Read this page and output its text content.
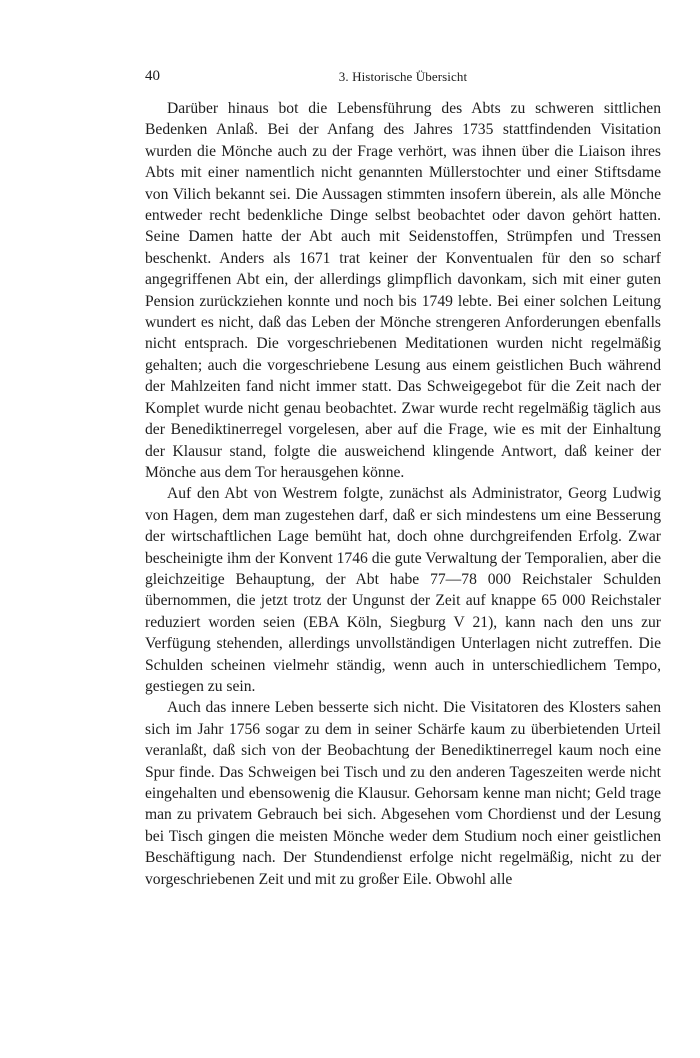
40	3. Historische Übersicht

Darüber hinaus bot die Lebensführung des Abts zu schweren sittlichen Bedenken Anlaß. Bei der Anfang des Jahres 1735 stattfindenden Visitation wurden die Mönche auch zu der Frage verhört, was ihnen über die Liaison ihres Abts mit einer namentlich nicht genannten Müllerstochter und einer Stiftsdame von Vilich bekannt sei. Die Aussagen stimmten insofern überein, als alle Mönche entweder recht bedenkliche Dinge selbst beobachtet oder davon gehört hatten. Seine Damen hatte der Abt auch mit Seidenstoffen, Strümpfen und Tressen beschenkt. Anders als 1671 trat keiner der Konventualen für den so scharf angegriffenen Abt ein, der allerdings glimpflich davonkam, sich mit einer guten Pension zurückziehen konnte und noch bis 1749 lebte. Bei einer solchen Leitung wundert es nicht, daß das Leben der Mönche strengeren Anforderungen ebenfalls nicht entsprach. Die vorgeschriebenen Meditationen wurden nicht regelmäßig gehalten; auch die vorgeschriebene Lesung aus einem geistlichen Buch während der Mahlzeiten fand nicht immer statt. Das Schweigegebot für die Zeit nach der Komplet wurde nicht genau beobachtet. Zwar wurde recht regelmäßig täglich aus der Benediktinerregel vorgelesen, aber auf die Frage, wie es mit der Einhaltung der Klausur stand, folgte die ausweichend klingende Antwort, daß keiner der Mönche aus dem Tor herausgehen könne.

Auf den Abt von Westrem folgte, zunächst als Administrator, Georg Ludwig von Hagen, dem man zugestehen darf, daß er sich mindestens um eine Besserung der wirtschaftlichen Lage bemüht hat, doch ohne durchgreifenden Erfolg. Zwar bescheinigte ihm der Konvent 1746 die gute Verwaltung der Temporalien, aber die gleichzeitige Behauptung, der Abt habe 77—78 000 Reichstaler Schulden übernommen, die jetzt trotz der Ungunst der Zeit auf knappe 65 000 Reichstaler reduziert worden seien (EBA Köln, Siegburg V 21), kann nach den uns zur Verfügung stehenden, allerdings unvollständigen Unterlagen nicht zutreffen. Die Schulden scheinen vielmehr ständig, wenn auch in unterschiedlichem Tempo, gestiegen zu sein.

Auch das innere Leben besserte sich nicht. Die Visitatoren des Klosters sahen sich im Jahr 1756 sogar zu dem in seiner Schärfe kaum zu überbietenden Urteil veranlaßt, daß sich von der Beobachtung der Benediktinerregel kaum noch eine Spur finde. Das Schweigen bei Tisch und zu den anderen Tageszeiten werde nicht eingehalten und ebensowenig die Klausur. Gehorsam kenne man nicht; Geld trage man zu privatem Gebrauch bei sich. Abgesehen vom Chordienst und der Lesung bei Tisch gingen die meisten Mönche weder dem Studium noch einer geistlichen Beschäftigung nach. Der Stundendienst erfolge nicht regelmäßig, nicht zu der vorgeschriebenen Zeit und mit zu großer Eile. Obwohl alle
